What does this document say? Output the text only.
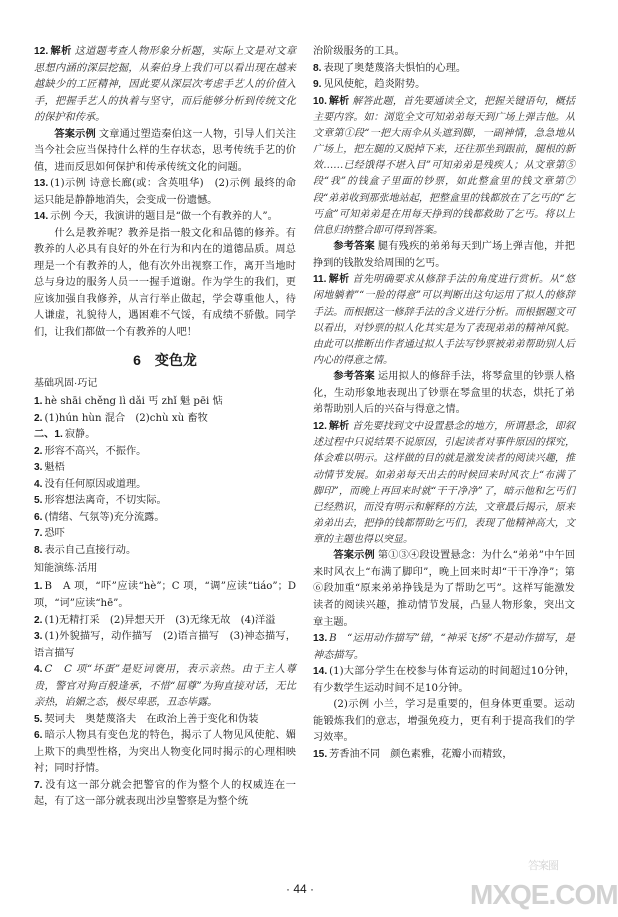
12. 解析 这道题考查人物形象分析题，实际上文是对文章思想内涵的深层挖掘，从秦伯身上我们可以看出现在越来越缺少的工匠精神，因此要从深层次考虑手艺人的价值入手，把握手艺人的执着与坚守，而后能够分析到传统文化的保护和传承。

答案示例 文章通过塑造秦伯这一人物，引导人们关注当今社会应当保持什么样的生存状态，思考传统手艺的价值，进而反思如何保护和传承传统文化的问题。

13. (1)示例 诗意长廊(或：含英咀华)　(2)示例 最终的命运只能是静静地消失，会变成一份遗憾。

14. 示例 今天，我演讲的题目是“做一个有教养的人”。

什么是教养呢？教养是指一般文化和品德的修养。有教养的人必具有良好的外在行为和内在的道德品质。周总理是一个有教养的人，他有次外出视察工作，离开当地时总与身边的服务人员一一握手道谢。作为学生的我们，更应该加强自我修养，从言行举止做起，学会尊重他人，待人谦虚，礼貌待人，遇困难不气馁，有成绩不骄傲。同学们，让我们都做一个有教养的人吧！

6　变色龙
基础巩固·巧记

1. hè shāi chěng lì dǎi 丐 zhǐ 魁 pēi 惦

2. (1)hún hùn 混合　(2)chù xù 畜牧

二、1. 寂静。

2. 形容不高兴，不振作。

3. 魁梧

4. 没有任何原因或道理。

5. 形容想法离奇，不切实际。

6. (情绪、气氛等)充分流露。

7. 恐吓

8. 表示自己直接行动。

知能演练·活用

1. B　A 项，“吓”应读“hè”；C 项，“调”应读“tiáo”；D 项，“诃”应读“hē”。

2. (1)无精打采　(2)异想天开　(3)无缘无故　(4)洋溢

3. (1)外貌描写，动作描写　(2)语言描写　(3)神态描写，语言描写

4. C　C 项“坏蛋”是贬词褒用，表示亲热。由于主人尊贵，警官对狗百般逢承，不惜“屈尊”为狗直接对话，无比亲热，谄媚之态，极尽卑恶，丑态毕露。

5. 契诃夫　奥楚蔑洛夫　在政治上善于变化和伪装

6. 暗示人物具有变色龙的特色，揭示了人物见风使舵、媚上欺下的典型性格，为突出人物变化同时揭示的心理相映衬；同时抒情。

7. 没有这一部分就会把警官的作为整个人的权威连在一起，有了这一部分就表现出沙皇警察是为整个统

治阶级服务的工具。

8. 表现了奥楚蔑洛夫惧怕的心理。

9. 见风使舵，趋炎附势。

10. 解析 解答此题，首先要通读全文，把握关键语句，概括主要内容。如：浏览全文可知弟弟每天到广场上弹吉他。从文章第①段“一把大雨伞从头遮到脚，一副神情，急急地从广场上，把左腿的又脱掉下来，还往那坐到跟前，腿根的新效……已经饿得不堪入目”可知弟弟是残疾人；从文章第⑤段“我”的钱盒子里面的钞票，如此整盒里的钱文章第⑦段“弟弟收到那张地站起，把整盒里的钱都放在了乞丐的“乞丐盒”可知弟弟是在用每天挣到的钱都救助了乞丐。将以上信息归纳整合即可得到答案。

参考答案 腿有残疾的弟弟每天到广场上弹吉他，并把挣到的钱散发给周围的乞丐。

11. 解析 首先明确要求从修辞手法的角度进行赏析。从“悠闲地躺着”“一脸的得意”可以判断出这句运用了拟人的修辞手法。而根据这一修辞手法的含义进行分析。而根据题文可以看出，对钞票的拟人化其实是为了表现弟弟的精神风貌。由此可以推断出作者通过拟人手法写钞票被弟弟帮助别人后内心的得意之情。

参考答案 运用拟人的修辞手法，将琴盒里的钞票人格化，生动形象地表现出了钞票在琴盒里的状态，烘托了弟弟帮助别人后的兴奋与得意之情。

12. 解析 首先要找到文中设置悬念的地方，所谓悬念，即叙述过程中只说结果不说原因，引起读者对事件原因的探究，体会难以明示。这样做的目的就是激发读者的阅读兴趣，推动情节发展。如弟弟每天出去的时候回来时风衣上“布满了脚印”，而晚上再回来时就“干干净净”了，暗示他和乞丐们已经熟识，而没有明示和解释的方法，文章最后揭示，原来弟弟出去，把挣的钱都帮助乞丐们，表现了他精神高大，文章的主题也得以突显。

答案示例 第①③④段设置悬念：为什么“弟弟”中午回来时风衣上“布满了脚印”，晚上回来时却“干干净净”；第⑥段加重“原来弟弟挣钱是为了帮助乞丐”。这样写能激发读者的阅读兴趣，推动情节发展，凸显人物形象，突出文章主题。

13. B　“运用动作描写”错，“神采飞扬”不是动作描写，是神态描写。

14. (1)大部分学生在校参与体育运动的时间超过10分钟，有少数学生运动时间不足10分钟。

(2)示例 小兰，学习是重要的，但身体更重要。运动能锻炼我们的意志，增强免疫力，更有利于提高我们的学习效率。

15. 芳香油不同　颜色素雅，花瓣小而精致，

· 44 ·
答案圈
MXQE.COM
